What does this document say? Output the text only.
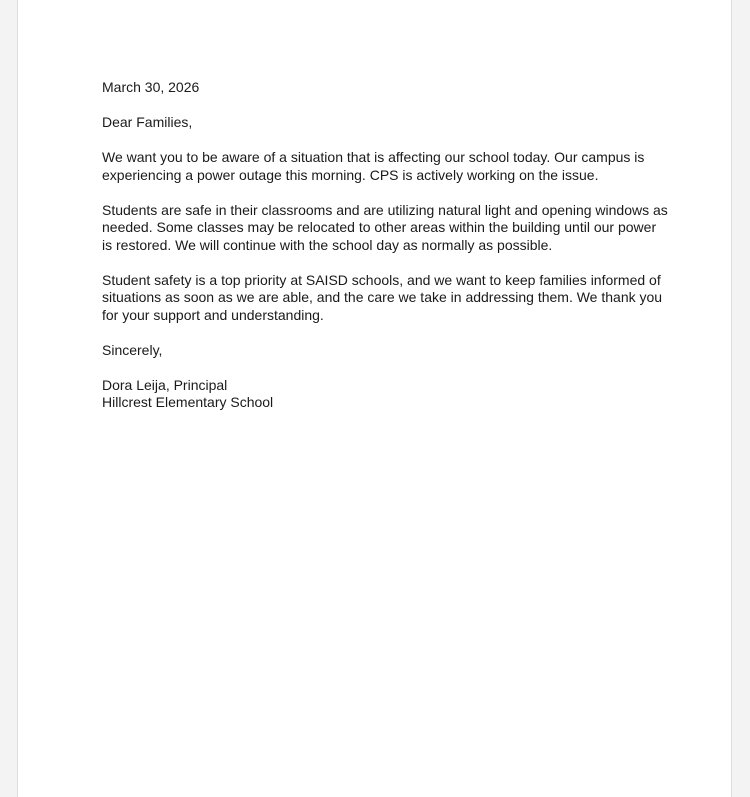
March 30, 2026

Dear Families,

We want you to be aware of a situation that is affecting our school today. Our campus is
experiencing a power outage this morning. CPS is actively working on the issue.

Students are safe in their classrooms and are utilizing natural light and opening windows as
needed. Some classes may be relocated to other areas within the building until our power
is restored. We will continue with the school day as normally as possible.

Student safety is a top priority at SAISD schools, and we want to keep families informed of
situations as soon as we are able, and the care we take in addressing them. We thank you
for your support and understanding.

Sincerely,

Dora Leija, Principal

Hillcrest Elementary School
